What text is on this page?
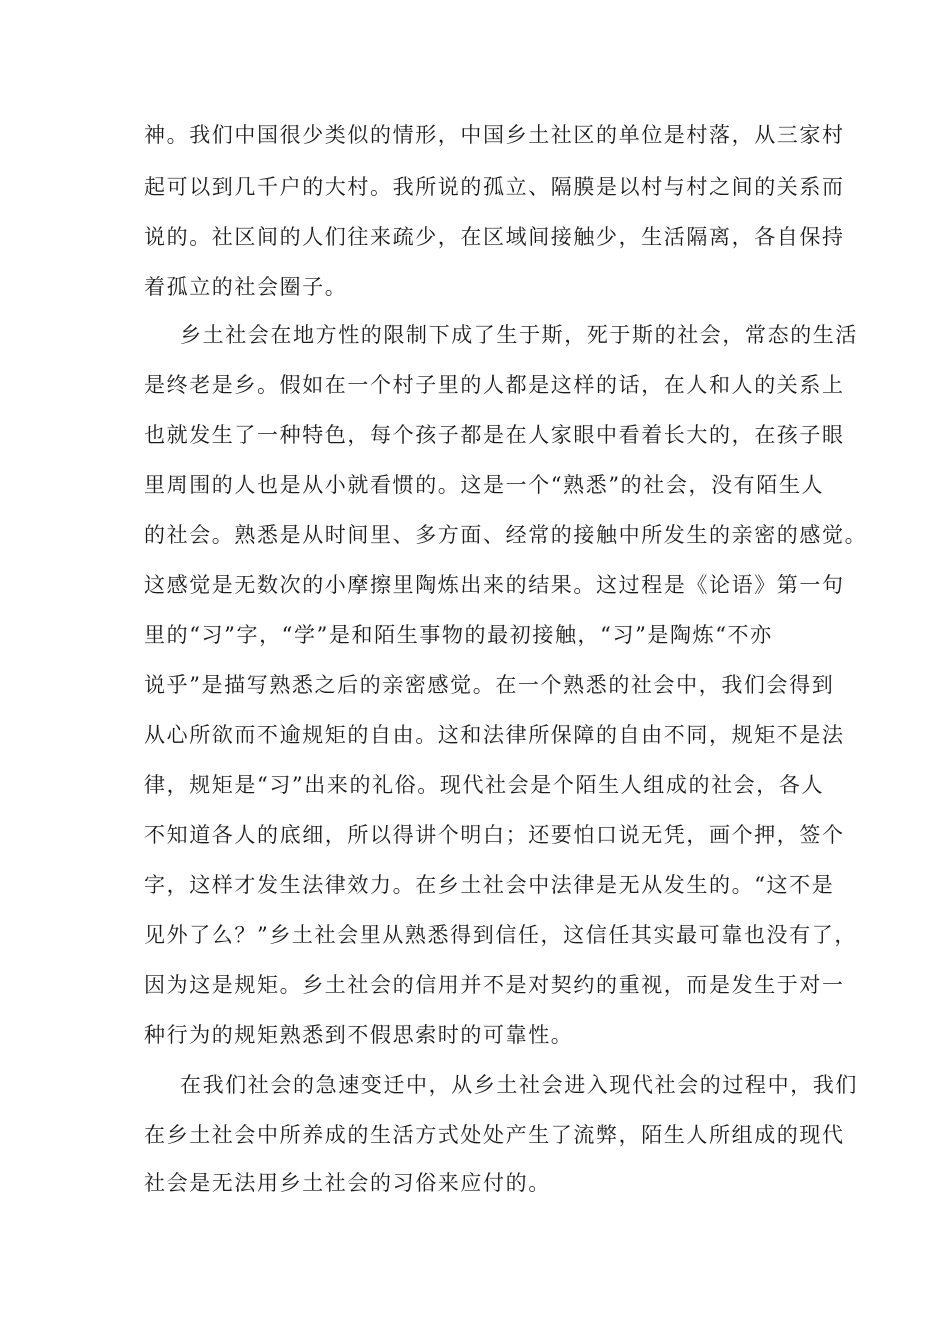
神。我们中国很少类似的情形，中国乡土社区的单位是村落，从三家村
起可以到几千户的大村。我所说的孤立、隔膜是以村与村之间的关系而
说的。社区间的人们往来疏少，在区域间接触少，生活隔离，各自保持
着孤立的社会圈子。
乡土社会在地方性的限制下成了生于斯，死于斯的社会，常态的生活
是终老是乡。假如在一个村子里的人都是这样的话，在人和人的关系上
也就发生了一种特色，每个孩子都是在人家眼中看着长大的，在孩子眼
里周围的人也是从小就看惯的。这是一个“熟悉”的社会，没有陌生人
的社会。熟悉是从时间里、多方面、经常的接触中所发生的亲密的感觉。
这感觉是无数次的小摩擦里陶炼出来的结果。这过程是《论语》第一句
里的“习”字，“学”是和陌生事物的最初接触，“习”是陶炼“不亦
说乎”是描写熟悉之后的亲密感觉。在一个熟悉的社会中，我们会得到
从心所欲而不逾规矩的自由。这和法律所保障的自由不同，规矩不是法
律，规矩是“习”出来的礼俗。现代社会是个陌生人组成的社会，各人
不知道各人的底细，所以得讲个明白；还要怕口说无凭，画个押，签个
字，这样才发生法律效力。在乡土社会中法律是无从发生的。“这不是
见外了么？”乡土社会里从熟悉得到信任，这信任其实最可靠也没有了，
因为这是规矩。乡土社会的信用并不是对契约的重视，而是发生于对一
种行为的规矩熟悉到不假思索时的可靠性。
在我们社会的急速变迁中，从乡土社会进入现代社会的过程中，我们
在乡土社会中所养成的生活方式处处产生了流弊，陌生人所组成的现代
社会是无法用乡土社会的习俗来应付的。
